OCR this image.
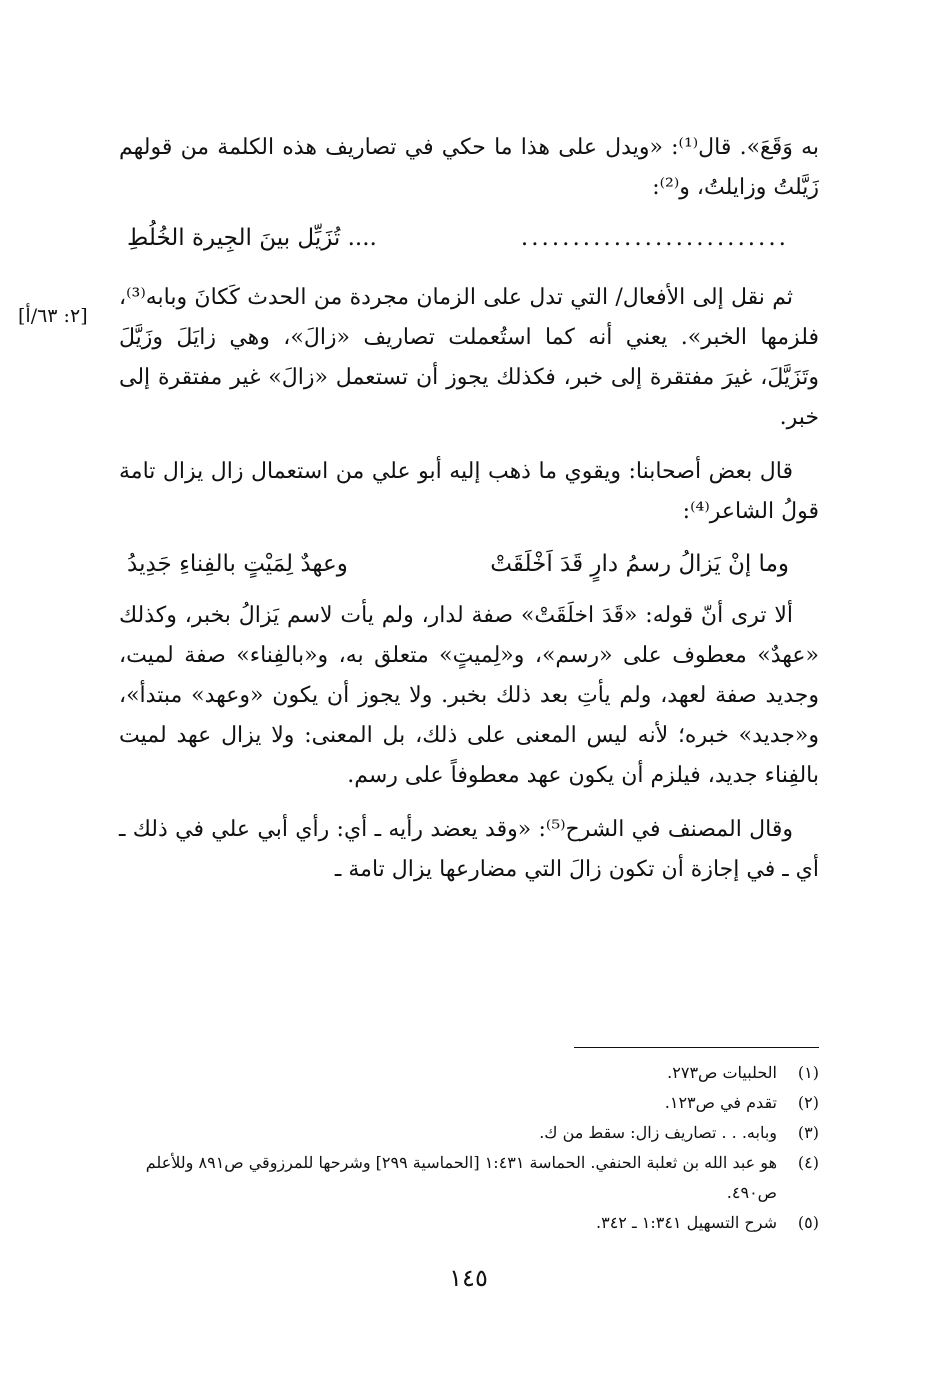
[٢: ٦٣/أ]

به وَقَعَ». قال⁽¹⁾: «ويدل على هذا ما حكي في تصاريف هذه الكلمة من قولهم زَيَّلتُ وزايلتُ، و⁽²⁾:

..........................
.... تُزَيِّل بينَ الجِيرة الخُلُطِ

ثم نقل إلى الأفعال/ التي تدل على الزمان مجردة من الحدث كَكانَ وبابه⁽³⁾، فلزمها الخبر». يعني أنه كما استُعملت تصاريف «زالَ»، وهي زايَلَ وزَيَّلَ وتَزَيَّلَ، غيرَ مفتقرة إلى خبر، فكذلك يجوز أن تستعمل «زالَ» غير مفتقرة إلى خبر.

قال بعض أصحابنا: ويقوي ما ذهب إليه أبو علي من استعمال زال يزال تامة قولُ الشاعر⁽⁴⁾:

وما إنْ يَزالُ رسمُ دارٍ قَدَ اَخْلَقَتْ
وعهدٌ لِمَيْتٍ بالفِناءِ جَدِيدُ

ألا ترى أنّ قوله: «قَدَ اخلَقَتْ» صفة لدار، ولم يأت لاسم يَزالُ بخبر، وكذلك «عهدٌ» معطوف على «رسم»، و«لِميتٍ» متعلق به، و«بالفِناء» صفة لميت، وجديد صفة لعهد، ولم يأتِ بعد ذلك بخبر. ولا يجوز أن يكون «وعهد» مبتدأ»، و«جديد» خبره؛ لأنه ليس المعنى على ذلك، بل المعنى: ولا يزال عهد لميت بالفِناء جديد، فيلزم أن يكون عهد معطوفاً على رسم.

وقال المصنف في الشرح⁽⁵⁾: «وقد يعضد رأيه ـ أي: رأي أبي علي في ذلك ـ أي ـ في إجازة أن تكون زالَ التي مضارعها يزال تامة ـ

(١)
الحلبيات ص٢٧٣.
(٢)
تقدم في ص١٢٣.
(٣)
وبابه. . . تصاريف زال: سقط من ك.
(٤)
هو عبد الله بن ثعلبة الحنفي. الحماسة ١:٤٣١ [الحماسية ٢٩٩] وشرحها للمرزوقي ص٨٩١ وللأعلم ص٤٩٠.
(٥)
شرح التسهيل ١:٣٤١ ـ ٣٤٢.
١٤٥
